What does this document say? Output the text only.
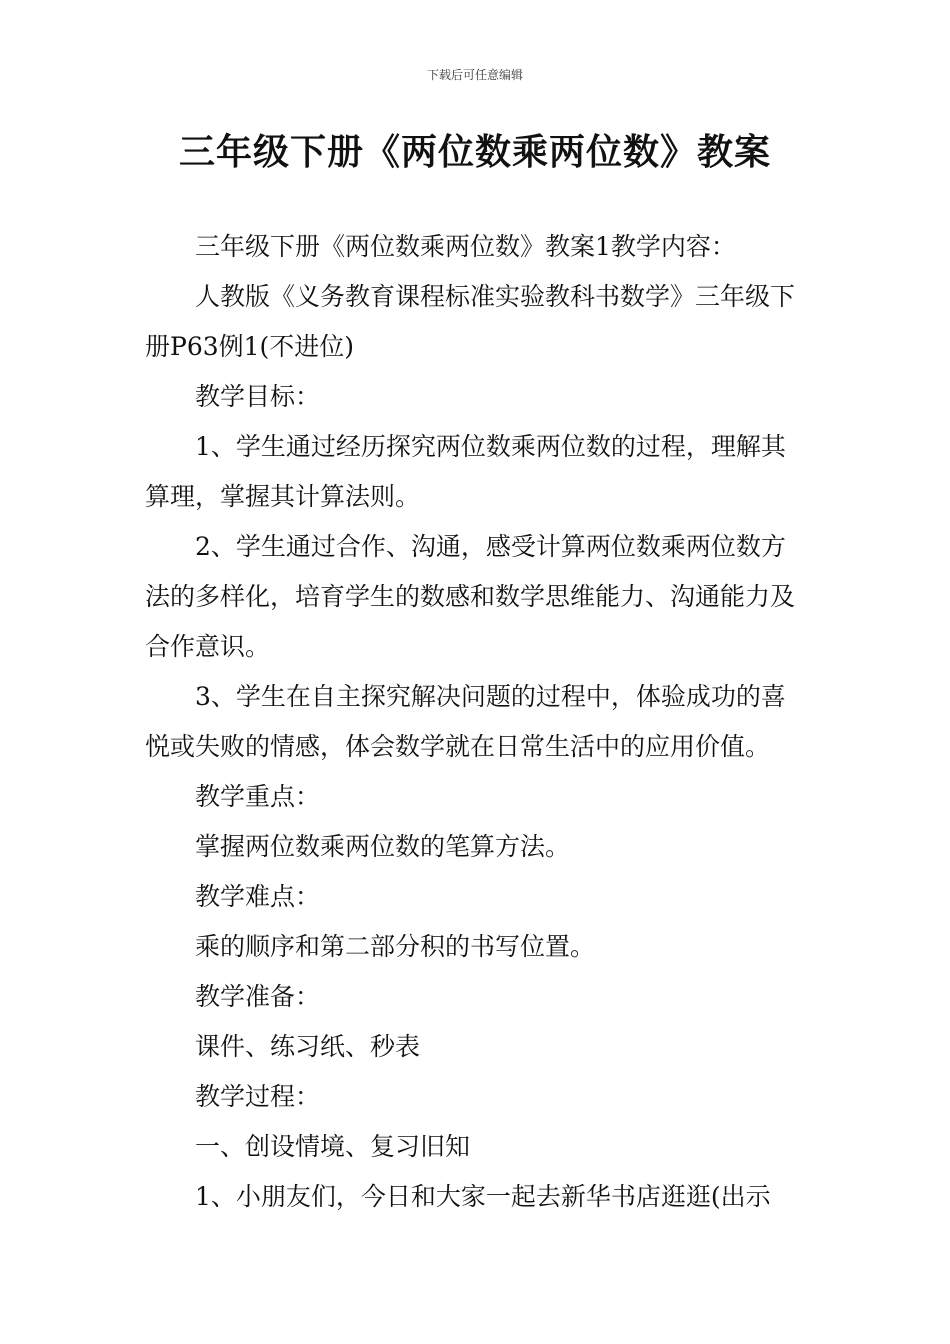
下载后可任意编辑
三年级下册《两位数乘两位数》教案

三年级下册《两位数乘两位数》教案1教学内容：

人教版《义务教育课程标准实验教科书数学》三年级下册P63例1(不进位)

教学目标：

1、学生通过经历探究两位数乘两位数的过程，理解其算理，掌握其计算法则。

2、学生通过合作、沟通，感受计算两位数乘两位数方法的多样化，培育学生的数感和数学思维能力、沟通能力及合作意识。

3、学生在自主探究解决问题的过程中，体验成功的喜悦或失败的情感，体会数学就在日常生活中的应用价值。

教学重点：

掌握两位数乘两位数的笔算方法。

教学难点：

乘的顺序和第二部分积的书写位置。

教学准备：

课件、练习纸、秒表

教学过程：

一、创设情境、复习旧知

1、小朋友们，今日和大家一起去新华书店逛逛(出示
